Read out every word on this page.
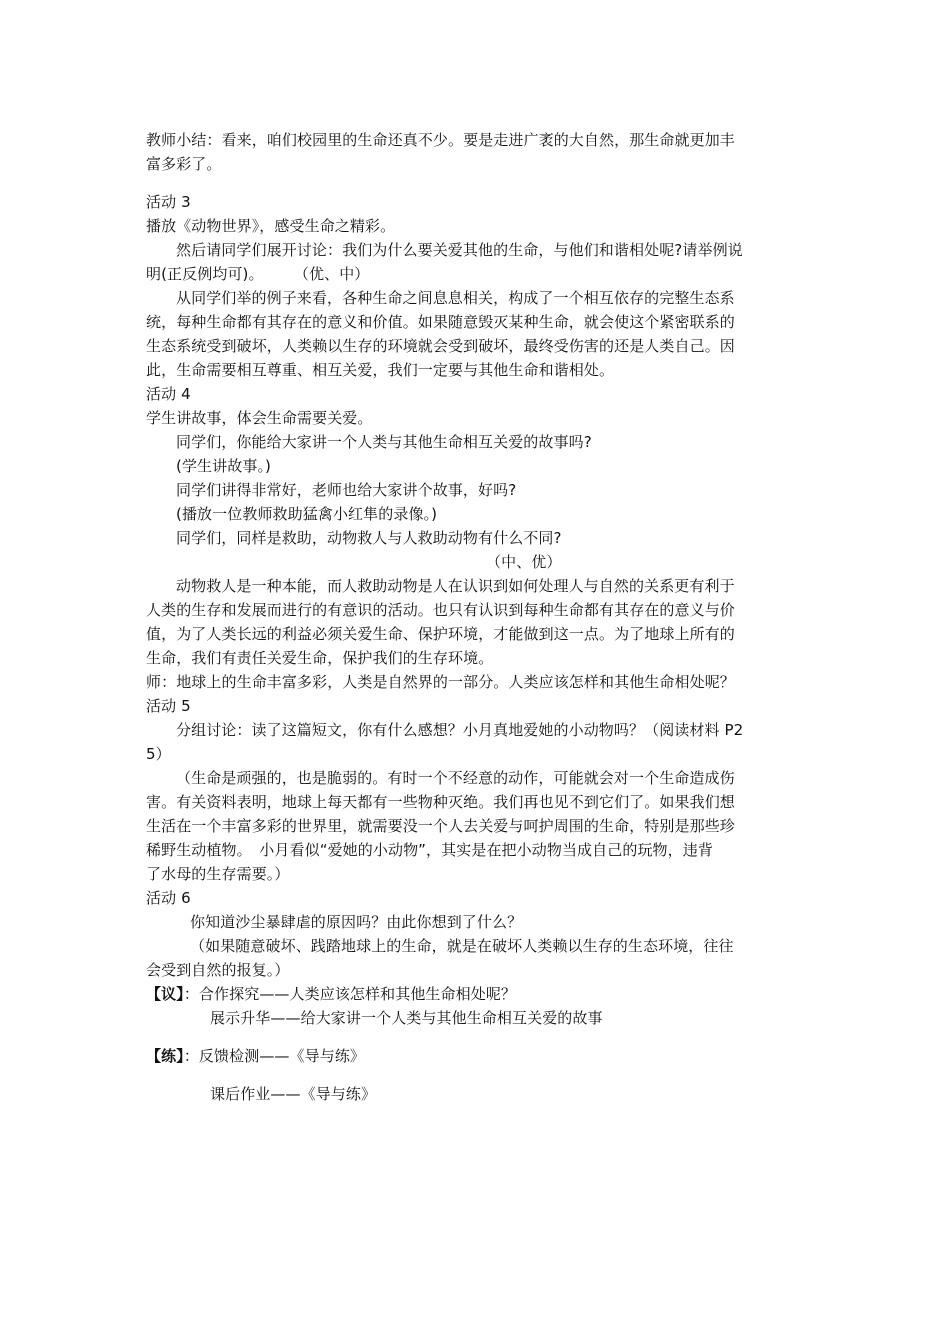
教师小结：看来，咱们校园里的生命还真不少。要是走进广袤的大自然，那生命就更加丰
富多彩了。
活动 3
播放《动物世界》，感受生命之精彩。
然后请同学们展开讨论：我们为什么要关爱其他的生命，与他们和谐相处呢?请举例说
明(正反例均可)。　　　（优、中）
从同学们举的例子来看，各种生命之间息息相关，构成了一个相互依存的完整生态系
统，每种生命都有其存在的意义和价值。如果随意毁灭某种生命，就会使这个紧密联系的
生态系统受到破坏，人类赖以生存的环境就会受到破坏，最终受伤害的还是人类自己。因
此，生命需要相互尊重、相互关爱，我们一定要与其他生命和谐相处。
活动 4
学生讲故事，体会生命需要关爱。
同学们，你能给大家讲一个人类与其他生命相互关爱的故事吗?
(学生讲故事。)
同学们讲得非常好，老师也给大家讲个故事，好吗?
(播放一位教师救助猛禽小红隼的录像。)
同学们，同样是救助，动物救人与人救助动物有什么不同?
（中、优）
动物救人是一种本能，而人救助动物是人在认识到如何处理人与自然的关系更有利于
人类的生存和发展而进行的有意识的活动。也只有认识到每种生命都有其存在的意义与价
值，为了人类长远的利益必须关爱生命、保护环境，才能做到这一点。为了地球上所有的
生命，我们有责任关爱生命，保护我们的生存环境。
师：地球上的生命丰富多彩，人类是自然界的一部分。人类应该怎样和其他生命相处呢？
活动 5
分组讨论：读了这篇短文，你有什么感想？小月真地爱她的小动物吗？（阅读材料 P2
5）
（生命是顽强的，也是脆弱的。有时一个不经意的动作，可能就会对一个生命造成伤
害。有关资料表明，地球上每天都有一些物种灭绝。我们再也见不到它们了。如果我们想
生活在一个丰富多彩的世界里，就需要没一个人去关爱与呵护周围的生命，特别是那些珍
稀野生动植物。　小月看似“爱她的小动物”，其实是在把小动物当成自己的玩物，违背
了水母的生存需要。）
活动 6
你知道沙尘暴肆虐的原因吗？由此你想到了什么？
（如果随意破坏、践踏地球上的生命，就是在破坏人类赖以生存的生态环境，往往
会受到自然的报复。）
【议】：合作探究——人类应该怎样和其他生命相处呢？
展示升华——给大家讲一个人类与其他生命相互关爱的故事
【练】：反馈检测——《导与练》
课后作业——《导与练》
